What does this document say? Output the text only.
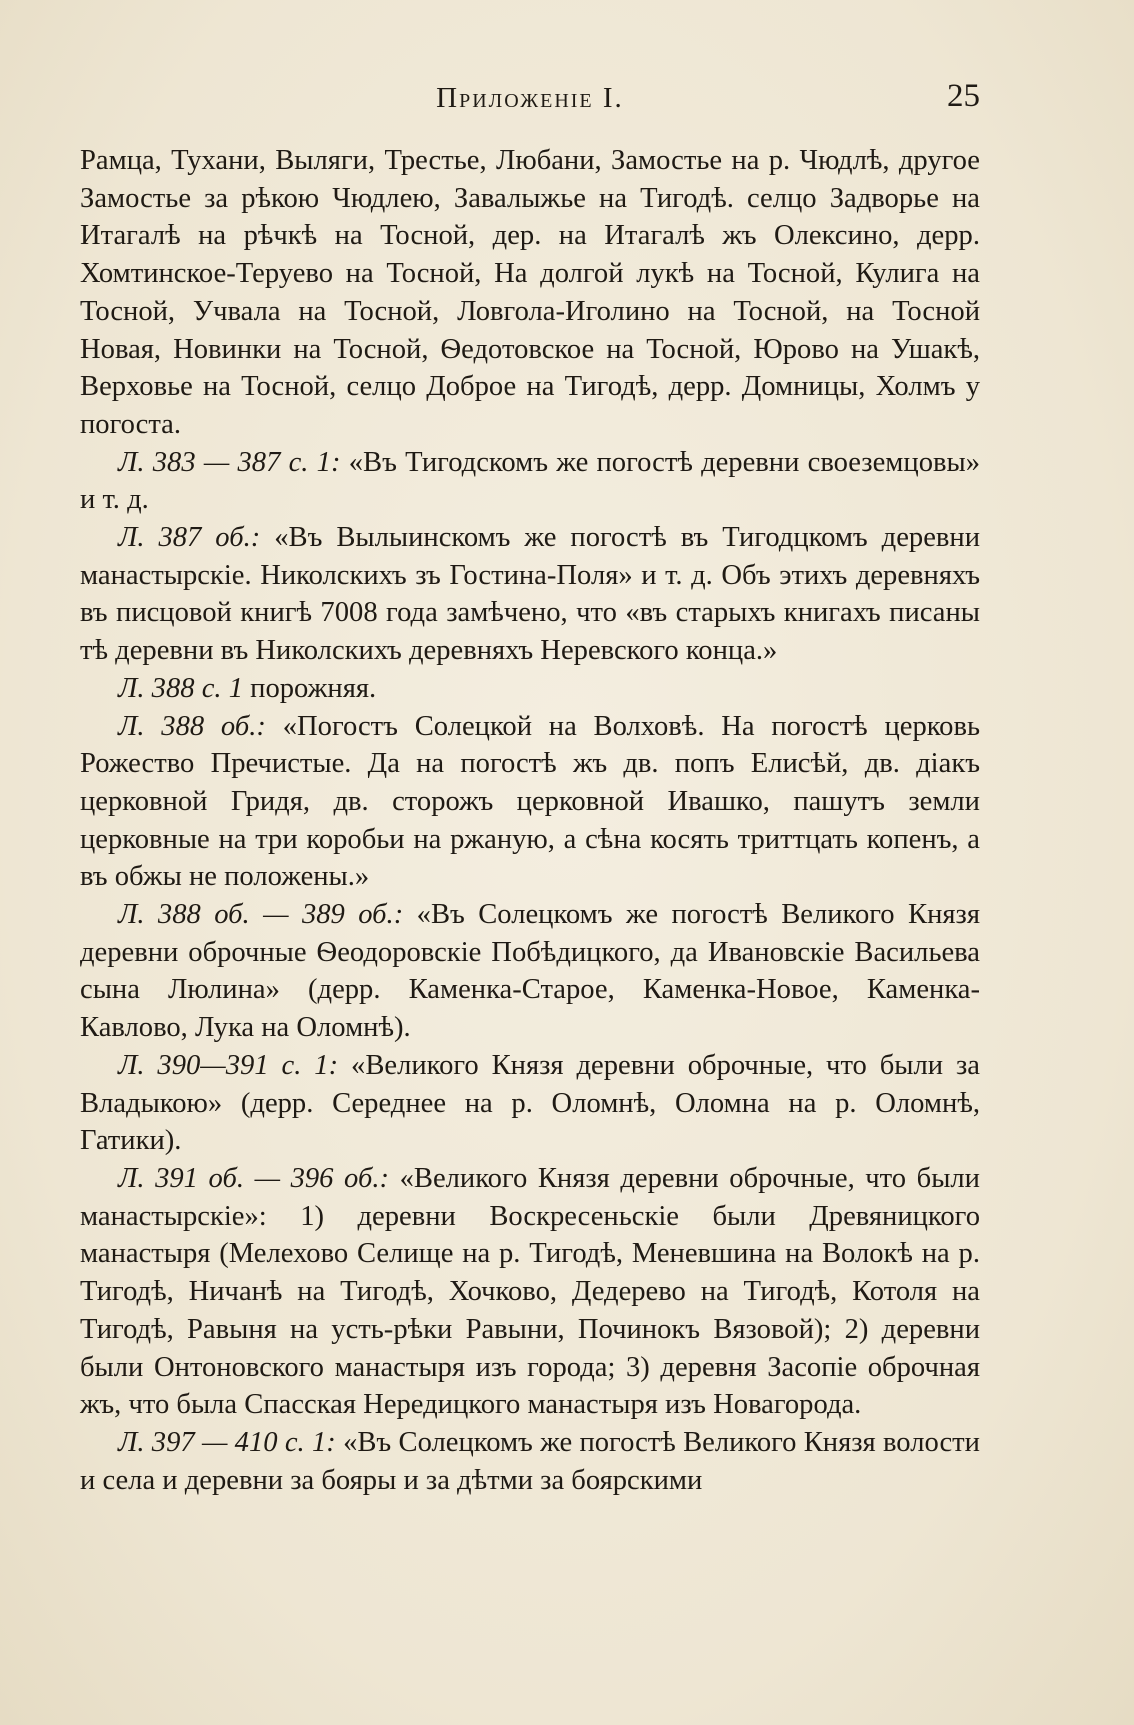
Приложеніе I.	25

Рамца, Тухани, Выляги, Трестье, Любани, Замостье на р. Чюдлѣ, другое Замостье за рѣкою Чюдлею, Завалыжье на Тигодѣ. селцо Задворье на Итагалѣ на рѣчкѣ на Тосной, дер. на Итагалѣ жъ Олексино, дерр. Хомтинское-Теруево на Тосной, На долгой лукѣ на Тосной, Кулига на Тосной, Учвала на Тосной, Ловгола-Иголино на Тосной, на Тосной Новая, Новинки на Тосной, Ѳедотовское на Тосной, Юрово на Ушакѣ, Верховье на Тосной, селцо Доброе на Тигодѣ, дерр. Домницы, Холмъ у погоста.

Л. 383 — 387 с. 1: «Въ Тигодскомъ же погостѣ деревни своеземцовы» и т. д.

Л. 387 об.: «Въ Вылыинскомъ же погостѣ въ Тигодцкомъ деревни манастырскіе. Николскихъ зъ Гостина-Поля» и т. д. Объ этихъ деревняхъ въ писцовой книгѣ 7008 года замѣчено, что «въ старыхъ книгахъ писаны тѣ деревни въ Николскихъ деревняхъ Неревского конца.»

Л. 388 с. 1 порожняя.

Л. 388 об.: «Погостъ Солецкой на Волховѣ. На погостѣ церковь Рожество Пречистые. Да на погостѣ жъ дв. попъ Елисѣй, дв. діакъ церковной Гридя, дв. сторожъ церковной Ивашко, пашутъ земли церковные на три коробьи на ржаную, а сѣна косять триттцать копенъ, а въ обжы не положены.»

Л. 388 об. — 389 об.: «Въ Солецкомъ же погостѣ Великого Князя деревни оброчные Ѳеодоровскіе Побѣдицкого, да Ивановскіе Васильева сына Люлина» (дерр. Каменка-Старое, Каменка-Новое, Каменка-Кавлово, Лука на Оломнѣ).

Л. 390—391 с. 1: «Великого Князя деревни оброчные, что были за Владыкою» (дерр. Середнее на р. Оломнѣ, Оломна на р. Оломнѣ, Гатики).

Л. 391 об. — 396 об.: «Великого Князя деревни оброчные, что были манастырскіе»: 1) деревни Воскресеньскіе были Древяницкого манастыря (Мелехово Селище на р. Тигодѣ, Меневшина на Волокѣ на р. Тигодѣ, Ничанѣ на Тигодѣ, Хочково, Дедерево на Тигодѣ, Котоля на Тигодѣ, Равыня на усть-рѣки Равыни, Починокъ Вязовой); 2) деревни были Онтоновского манастыря изъ города; 3) деревня Засопіе оброчная жъ, что была Спасская Нередицкого манастыря изъ Новагорода.

Л. 397 — 410 с. 1: «Въ Солецкомъ же погостѣ Великого Князя волости и села и деревни за бояры и за дѣтми за боярскими
